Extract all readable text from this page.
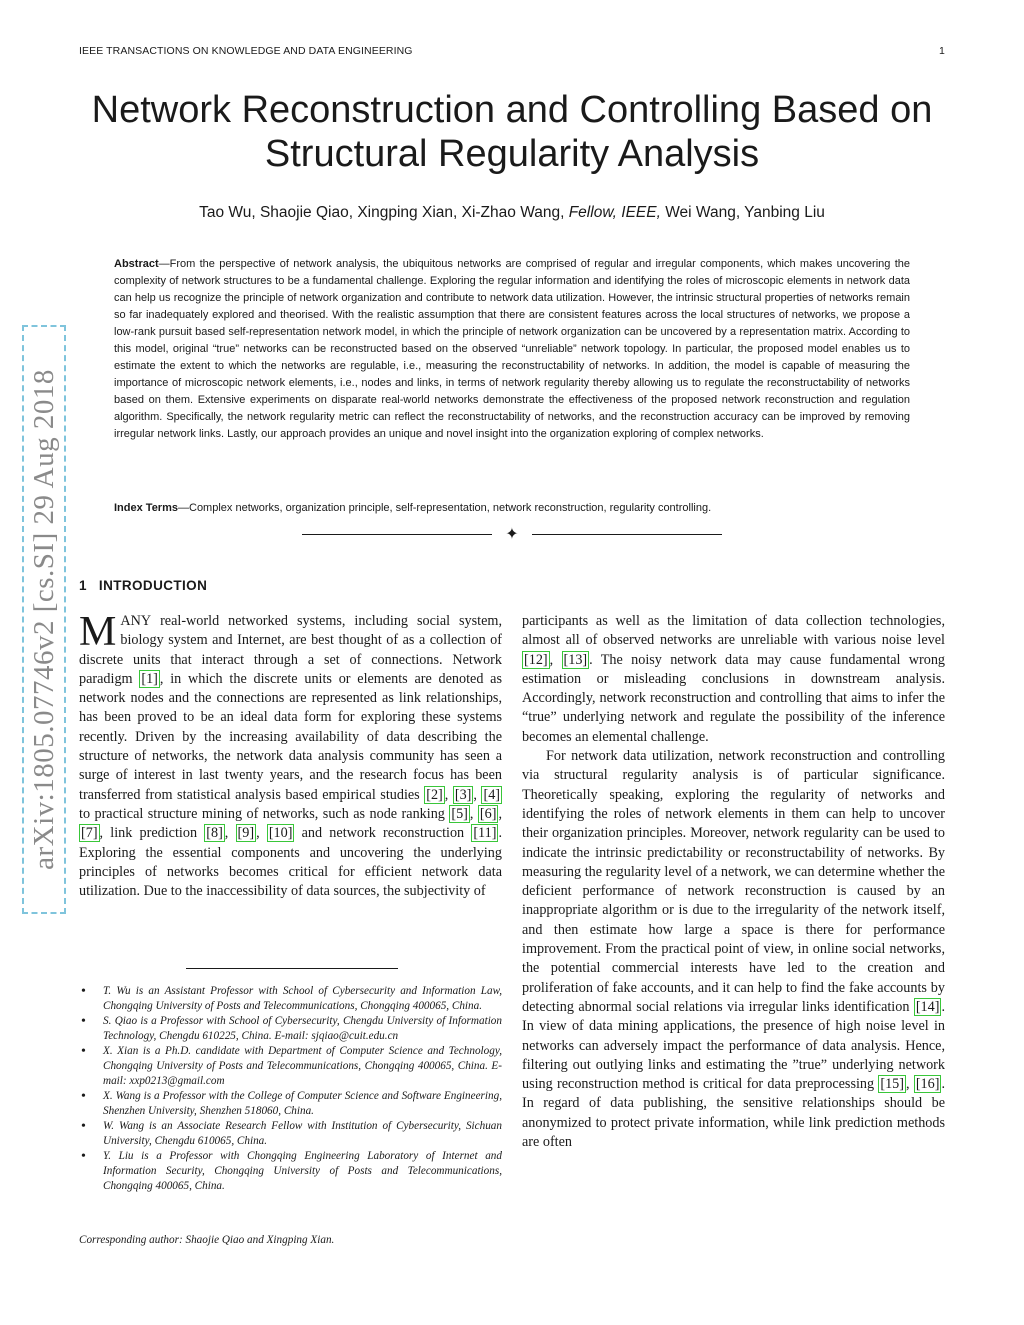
IEEE TRANSACTIONS ON KNOWLEDGE AND DATA ENGINEERING	1
arXiv:1805.07746v2 [cs.SI] 29 Aug 2018
Network Reconstruction and Controlling Based on Structural Regularity Analysis
Tao Wu, Shaojie Qiao, Xingping Xian, Xi-Zhao Wang, Fellow, IEEE, Wei Wang, Yanbing Liu

Abstract—From the perspective of network analysis, the ubiquitous networks are comprised of regular and irregular components, which makes uncovering the complexity of network structures to be a fundamental challenge. Exploring the regular information and identifying the roles of microscopic elements in network data can help us recognize the principle of network organization and contribute to network data utilization. However, the intrinsic structural properties of networks remain so far inadequately explored and theorised. With the realistic assumption that there are consistent features across the local structures of networks, we propose a low-rank pursuit based self-representation network model, in which the principle of network organization can be uncovered by a representation matrix. According to this model, original “true” networks can be reconstructed based on the observed “unreliable” network topology. In particular, the proposed model enables us to estimate the extent to which the networks are regulable, i.e., measuring the reconstructability of networks. In addition, the model is capable of measuring the importance of microscopic network elements, i.e., nodes and links, in terms of network regularity thereby allowing us to regulate the reconstructability of networks based on them. Extensive experiments on disparate real-world networks demonstrate the effectiveness of the proposed network reconstruction and regulation algorithm. Specifically, the network regularity metric can reflect the reconstructability of networks, and the reconstruction accuracy can be improved by removing irregular network links. Lastly, our approach provides an unique and novel insight into the organization exploring of complex networks.

Index Terms—Complex networks, organization principle, self-representation, network reconstruction, regularity controlling.

✦
1 INTRODUCTION

MANY real-world networked systems, including social system, biology system and Internet, are best thought of as a collection of discrete units that interact through a set of connections. Network paradigm [1] , in which the discrete units or elements are denoted as network nodes and the connections are represented as link relationships, has been proved to be an ideal data form for exploring these systems recently. Driven by the increasing availability of data describing the structure of networks, the network data analysis community has seen a surge of interest in last twenty years, and the research focus has been transferred from statistical analysis based empirical studies [2] , [3] , [4] to practical structure mining of networks, such as node ranking [5] , [6] , [7] , link prediction [8] , [9] , [10] and network reconstruction [11] . Exploring the essential components and uncovering the underlying principles of networks becomes critical for efficient network data utilization. Due to the inaccessibility of data sources, the subjectivity of

• T. Wu is an Assistant Professor with School of Cybersecurity and Information Law, Chongqing University of Posts and Telecommunications, Chongqing 400065, China.
• S. Qiao is a Professor with School of Cybersecurity, Chengdu University of Information Technology, Chengdu 610225, China. E-mail: sjqiao@cuit.edu.cn
• X. Xian is a Ph.D. candidate with Department of Computer Science and Technology, Chongqing University of Posts and Telecommunications, Chongqing 400065, China. E-mail: xxp0213@gmail.com
• X. Wang is a Professor with the College of Computer Science and Software Engineering, Shenzhen University, Shenzhen 518060, China.
• W. Wang is an Associate Research Fellow with Institution of Cybersecurity, Sichuan University, Chengdu 610065, China.
• Y. Liu is a Professor with Chongqing Engineering Laboratory of Internet and Information Security, Chongqing University of Posts and Telecommunications, Chongqing 400065, China.

Corresponding author: Shaojie Qiao and Xingping Xian.

participants as well as the limitation of data collection technologies, almost all of observed networks are unreliable with various noise level [12] , [13] . The noisy network data may cause fundamental wrong estimation or misleading conclusions in downstream analysis. Accordingly, network reconstruction and controlling that aims to infer the “true” underlying network and regulate the possibility of the inference becomes an elemental challenge.

For network data utilization, network reconstruction and controlling via structural regularity analysis is of particular significance. Theoretically speaking, exploring the regularity of networks and identifying the roles of network elements in them can help to uncover their organization principles. Moreover, network regularity can be used to indicate the intrinsic predictability or reconstructability of networks. By measuring the regularity level of a network, we can determine whether the deficient performance of network reconstruction is caused by an inappropriate algorithm or is due to the irregularity of the network itself, and then estimate how large a space is there for performance improvement. From the practical point of view, in online social networks, the potential commercial interests have led to the creation and proliferation of fake accounts, and it can help to find the fake accounts by detecting abnormal social relations via irregular links identification [14] . In view of data mining applications, the presence of high noise level in networks can adversely impact the performance of data analysis. Hence, filtering out outlying links and estimating the ”true” underlying network using reconstruction method is critical for data preprocessing [15] , [16] . In regard of data publishing, the sensitive relationships should be anonymized to protect private information, while link prediction methods are often
